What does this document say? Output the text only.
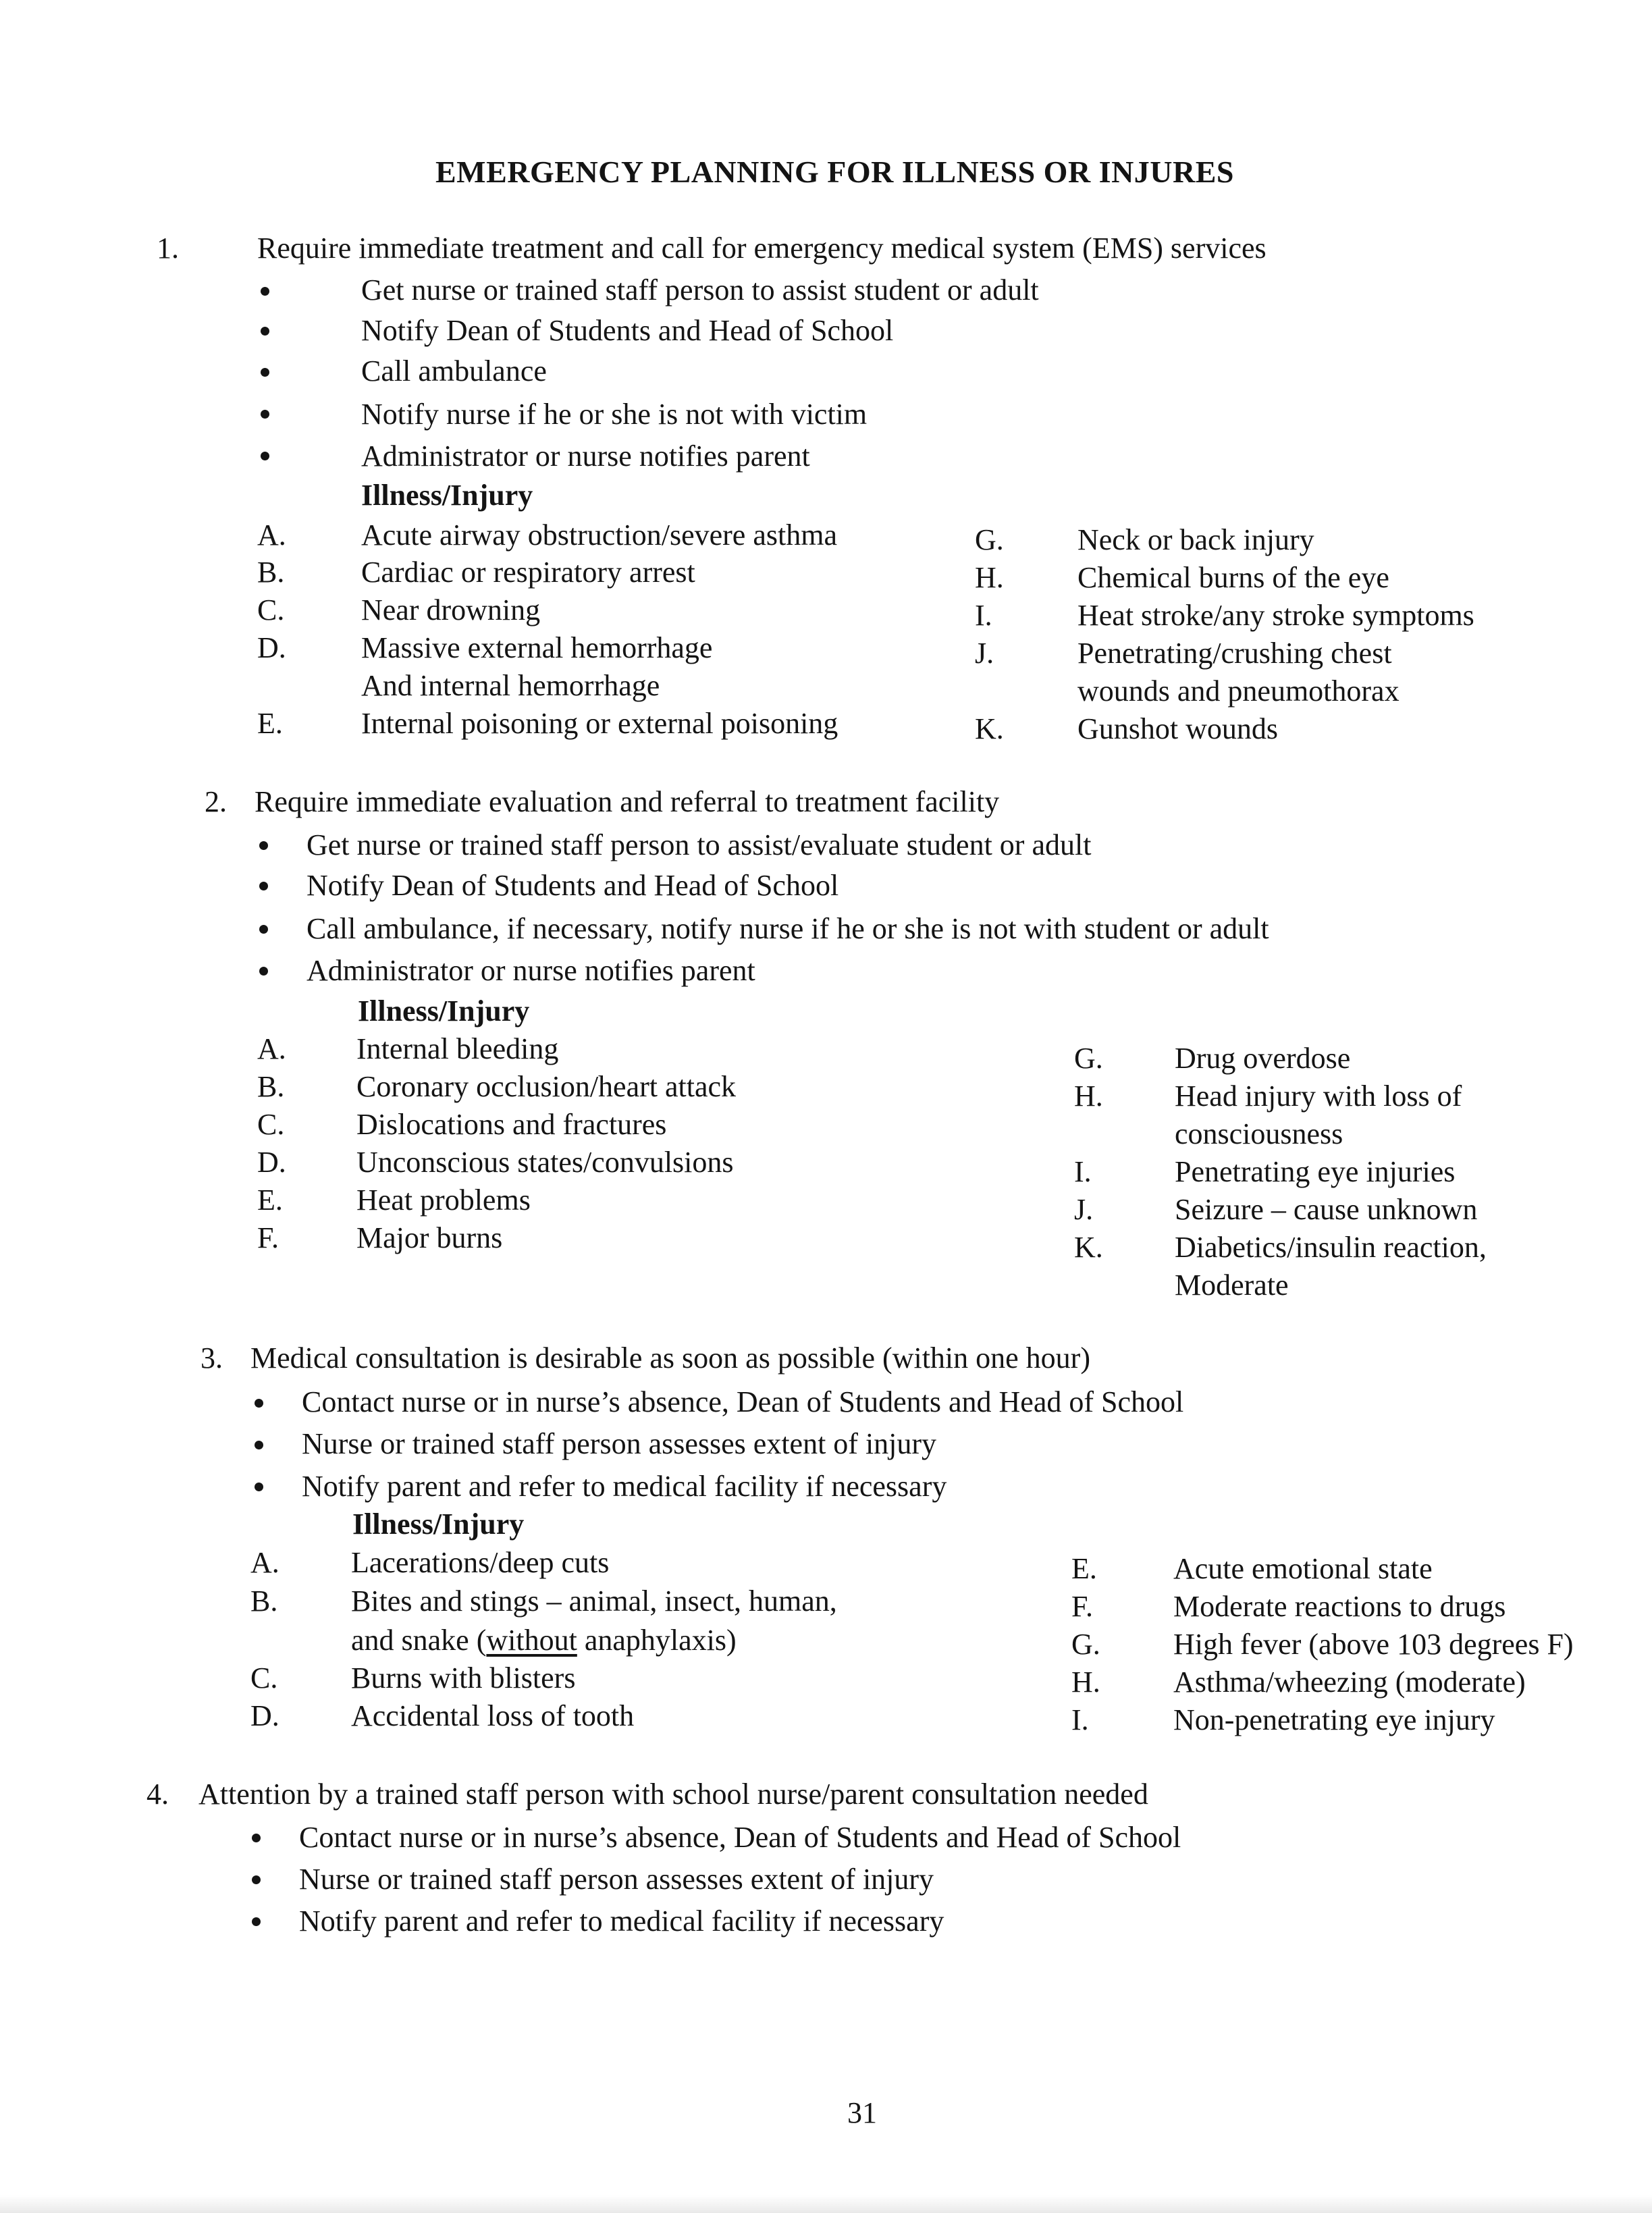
EMERGENCY PLANNING FOR ILLNESS OR INJURES
1.	Require immediate treatment and call for emergency medical system (EMS) services
Get nurse or trained staff person to assist student or adult
Notify Dean of Students and Head of School
Call ambulance
Notify nurse if he or she is not with victim
Administrator or nurse notifies parent
Illness/Injury
A.	Acute airway obstruction/severe asthma
B.	Cardiac or respiratory arrest
C.	Near drowning
D.	Massive external hemorrhage
And internal hemorrhage
E.	Internal poisoning or external poisoning
G. Neck or back injury
H. Chemical burns of the eye
I.	Heat stroke/any stroke symptoms
J.	Penetrating/crushing chest
wounds and pneumothorax
K. Gunshot wounds
2. Require immediate evaluation and referral to treatment facility
Get nurse or trained staff person to assist/evaluate student or adult
Notify Dean of Students and Head of School
Call ambulance, if necessary, notify nurse if he or she is not with student or adult
Administrator or nurse notifies parent
Illness/Injury
A. Internal bleeding
B. Coronary occlusion/heart attack
C. Dislocations and fractures
D. Unconscious states/convulsions
E. Heat problems
F.	Major burns
G. Drug overdose
H. Head injury with loss of
consciousness
I.	Penetrating eye injuries
J.	Seizure – cause unknown
K. Diabetics/insulin reaction,
Moderate
3. Medical consultation is desirable as soon as possible (within one hour)
Contact nurse or in nurse’s absence, Dean of Students and Head of School
Nurse or trained staff person assesses extent of injury
Notify parent and refer to medical facility if necessary
Illness/Injury
A. Lacerations/deep cuts
B. Bites and stings – animal, insect, human,
and snake (without anaphylaxis)
C. Burns with blisters
D. Accidental loss of tooth
E.	Acute emotional state
F.	Moderate reactions to drugs
G. High fever (above 103 degrees F)
H. Asthma/wheezing (moderate)
I.	Non-penetrating eye injury
4. Attention by a trained staff person with school nurse/parent consultation needed
Contact nurse or in nurse’s absence, Dean of Students and Head of School
Nurse or trained staff person assesses extent of injury
Notify parent and refer to medical facility if necessary
31
